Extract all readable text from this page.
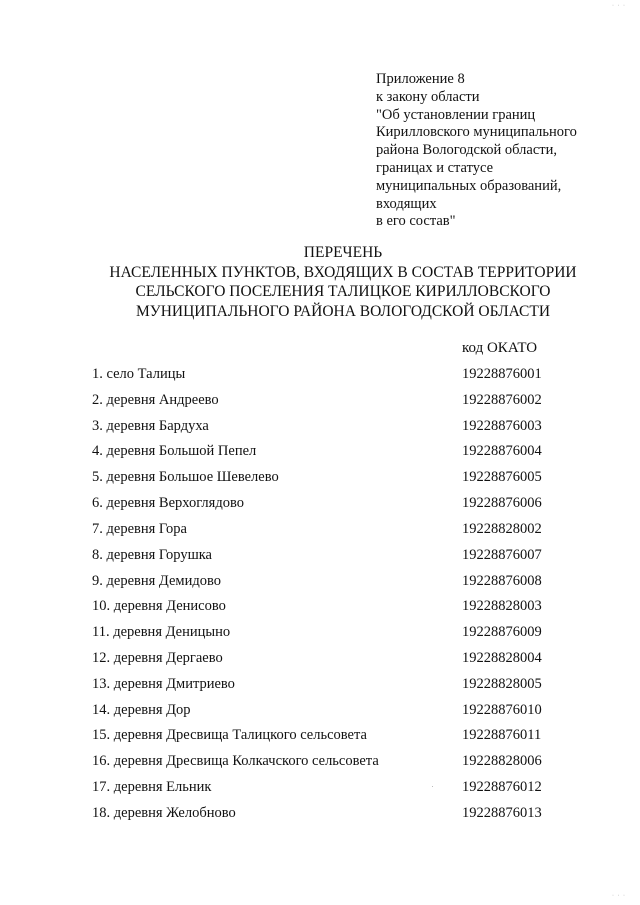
Приложение 8
к закону области
"Об установлении границ
Кирилловского муниципального
района Вологодской области,
границах и статусе
муниципальных образований,
входящих
в его состав"
ПЕРЕЧЕНЬ
НАСЕЛЕННЫХ ПУНКТОВ, ВХОДЯЩИХ В СОСТАВ ТЕРРИТОРИИ
СЕЛЬСКОГО ПОСЕЛЕНИЯ ТАЛИЦКОЕ КИРИЛЛОВСКОГО
МУНИЦИПАЛЬНОГО РАЙОНА ВОЛОГОДСКОЙ ОБЛАСТИ
код ОКАТО
1. село Талицы	19228876001
2. деревня Андреево	19228876002
3. деревня Бардуха	19228876003
4. деревня Большой Пепел	19228876004
5. деревня Большое Шевелево	19228876005
6. деревня Верхоглядово	19228876006
7. деревня Гора	19228828002
8. деревня Горушка	19228876007
9. деревня Демидово	19228876008
10. деревня Денисово	19228828003
11. деревня Деницыно	19228876009
12. деревня Дергаево	19228828004
13. деревня Дмитриево	19228828005
14. деревня Дор	19228876010
15. деревня Дресвища Талицкого сельсовета	19228876011
16. деревня Дресвища Колкачского сельсовета	19228828006
17. деревня Ельник	19228876012
18. деревня Желобново	19228876013
· · ·
· · ·
